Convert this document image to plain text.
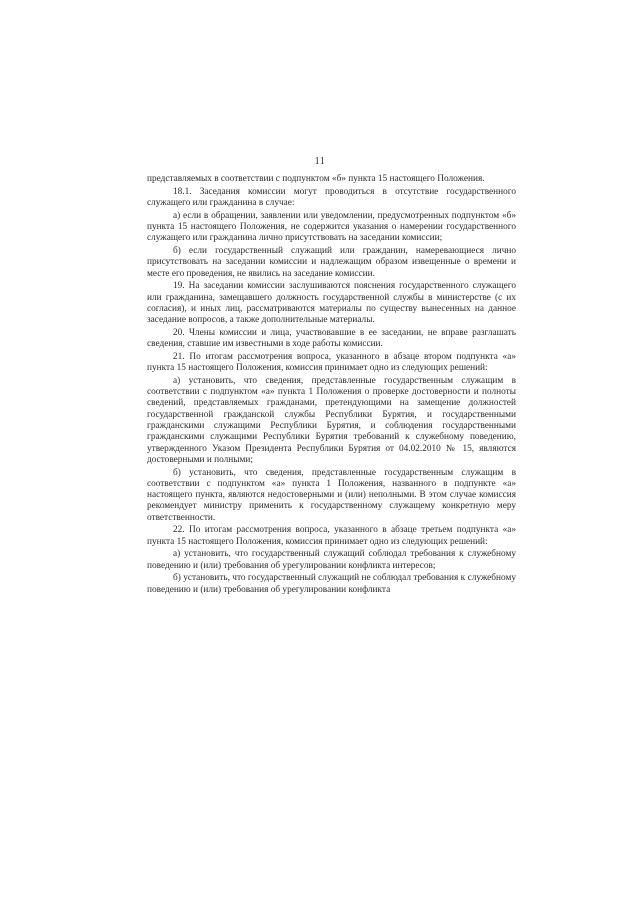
11

представляемых в соответствии с подпунктом «б» пункта 15 настоящего Положения.

18.1. Заседания комиссии могут проводиться в отсутствие государственного служащего или гражданина в случае:

а) если в обращении, заявлении или уведомлении, предусмотренных подпунктом «б» пункта 15 настоящего Положения, не содержится указания о намерении государственного служащего или гражданина лично присутствовать на заседании комиссии;

б) если государственный служащий или гражданин, намеревающиеся лично присутствовать на заседании комиссии и надлежащим образом извещенные о времени и месте его проведения, не явились на заседание комиссии.

19. На заседании комиссии заслушиваются пояснения государственного служащего или гражданина, замещавшего должность государственной службы в министерстве (с их согласия), и иных лиц, рассматриваются материалы по существу вынесенных на данное заседание вопросов, а также дополнительные материалы.

20. Члены комиссии и лица, участвовавшие в ее заседании, не вправе разглашать сведения, ставшие им известными в ходе работы комиссии.

21. По итогам рассмотрения вопроса, указанного в абзаце втором подпункта «а» пункта 15 настоящего Положения, комиссия принимает одно из следующих решений:

а) установить, что сведения, представленные государственным служащим в соответствии с подпунктом «а» пункта 1 Положения о проверке достоверности и полноты сведений, представляемых гражданами, претендующими на замещение должностей государственной гражданской службы Республики Бурятия, и государственными гражданскими служащими Республики Бурятия, и соблюдения государственными гражданскими служащими Республики Бурятия требований к служебному поведению, утвержденного Указом Президента Республики Бурятия от 04.02.2010 № 15, являются достоверными и полными;

б) установить, что сведения, представленные государственным служащим в соответствии с подпунктом «а» пункта 1 Положения, названного в подпункте «а» настоящего пункта, являются недостоверными и (или) неполными. В этом случае комиссия рекомендует министру применить к государственному служащему конкретную меру ответственности.

22. По итогам рассмотрения вопроса, указанного в абзаце третьем подпункта «а» пункта 15 настоящего Положения, комиссия принимает одно из следующих решений:

а) установить, что государственный служащий соблюдал требования к служебному поведению и (или) требования об урегулировании конфликта интересов;

б) установить, что государственный служащий не соблюдал требования к служебному поведению и (или) требования об урегулировании конфликта
